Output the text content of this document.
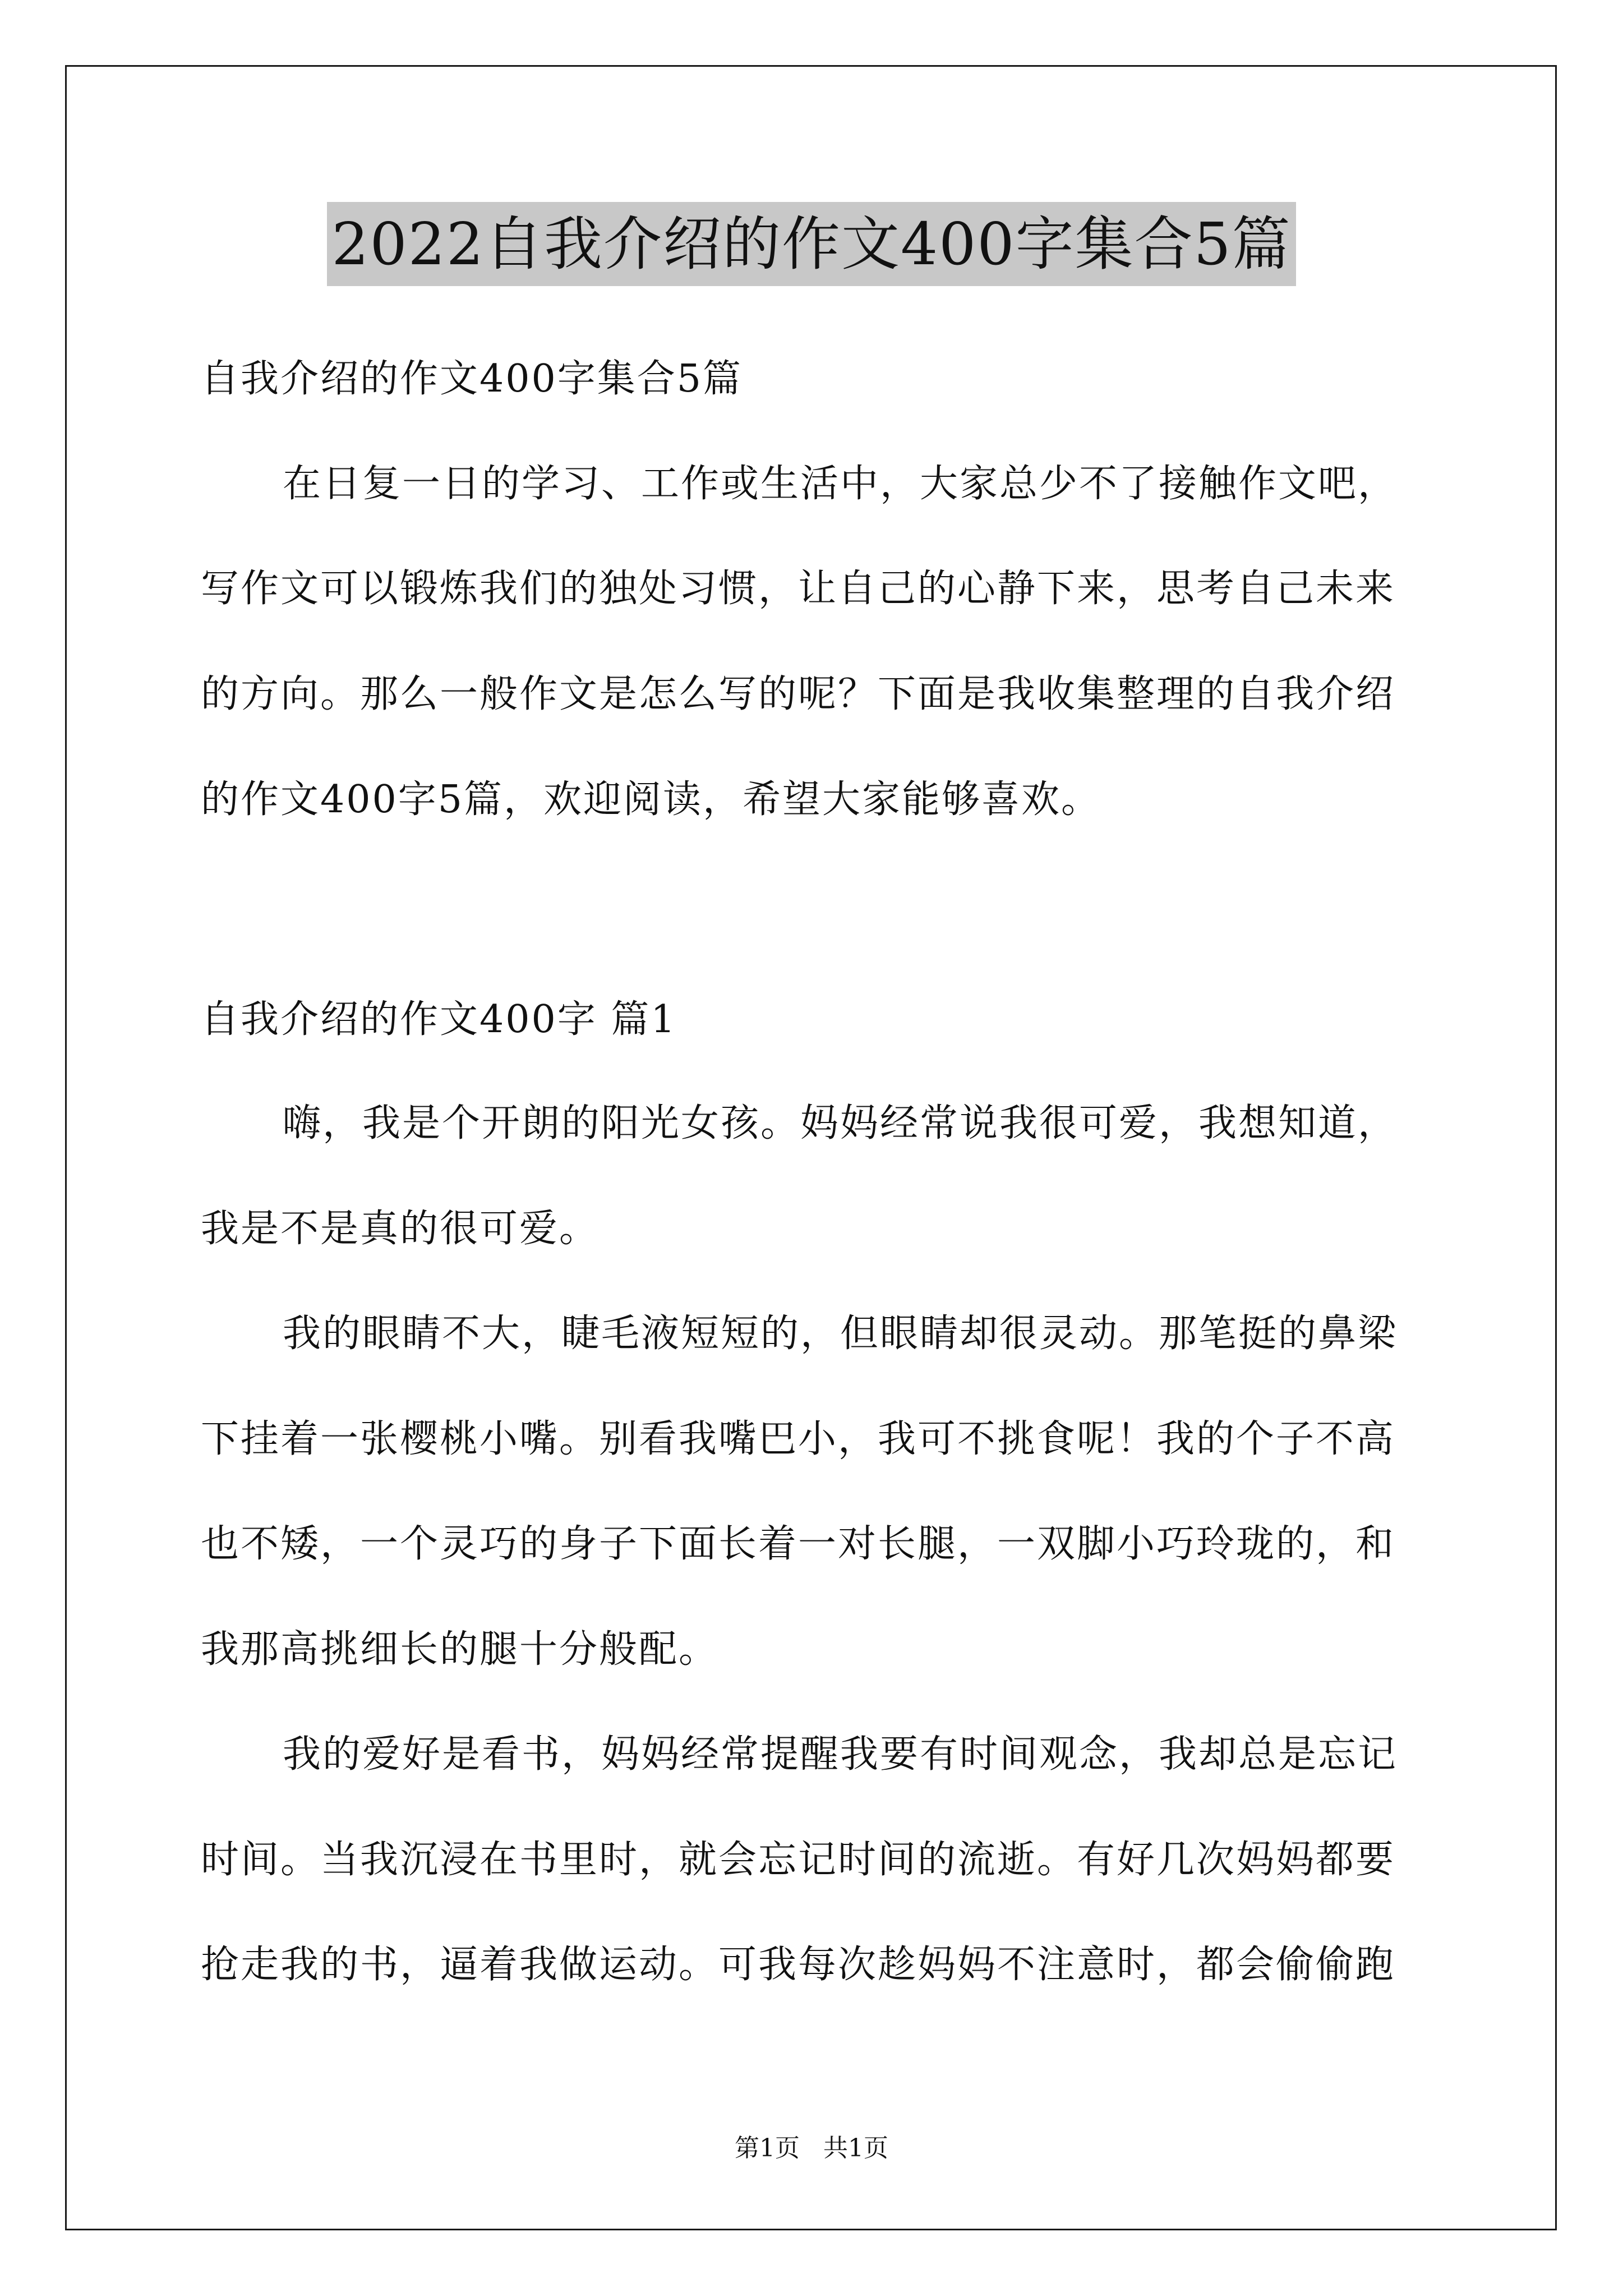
2022自我介绍的作文400字集合5篇
自我介绍的作文400字集合5篇
在日复一日的学习、工作或生活中，大家总少不了接触作文吧，
写作文可以锻炼我们的独处习惯，让自己的心静下来，思考自己未来
的方向。那么一般作文是怎么写的呢？下面是我收集整理的自我介绍
的作文400字5篇，欢迎阅读，希望大家能够喜欢。
自我介绍的作文400字 篇1
嗨，我是个开朗的阳光女孩。妈妈经常说我很可爱，我想知道，
我是不是真的很可爱。
我的眼睛不大，睫毛液短短的，但眼睛却很灵动。那笔挺的鼻梁
下挂着一张樱桃小嘴。别看我嘴巴小，我可不挑食呢！我的个子不高
也不矮，一个灵巧的身子下面长着一对长腿，一双脚小巧玲珑的，和
我那高挑细长的腿十分般配。
我的爱好是看书，妈妈经常提醒我要有时间观念，我却总是忘记
时间。当我沉浸在书里时，就会忘记时间的流逝。有好几次妈妈都要
抢走我的书，逼着我做运动。可我每次趁妈妈不注意时，都会偷偷跑
第1页   共1页
